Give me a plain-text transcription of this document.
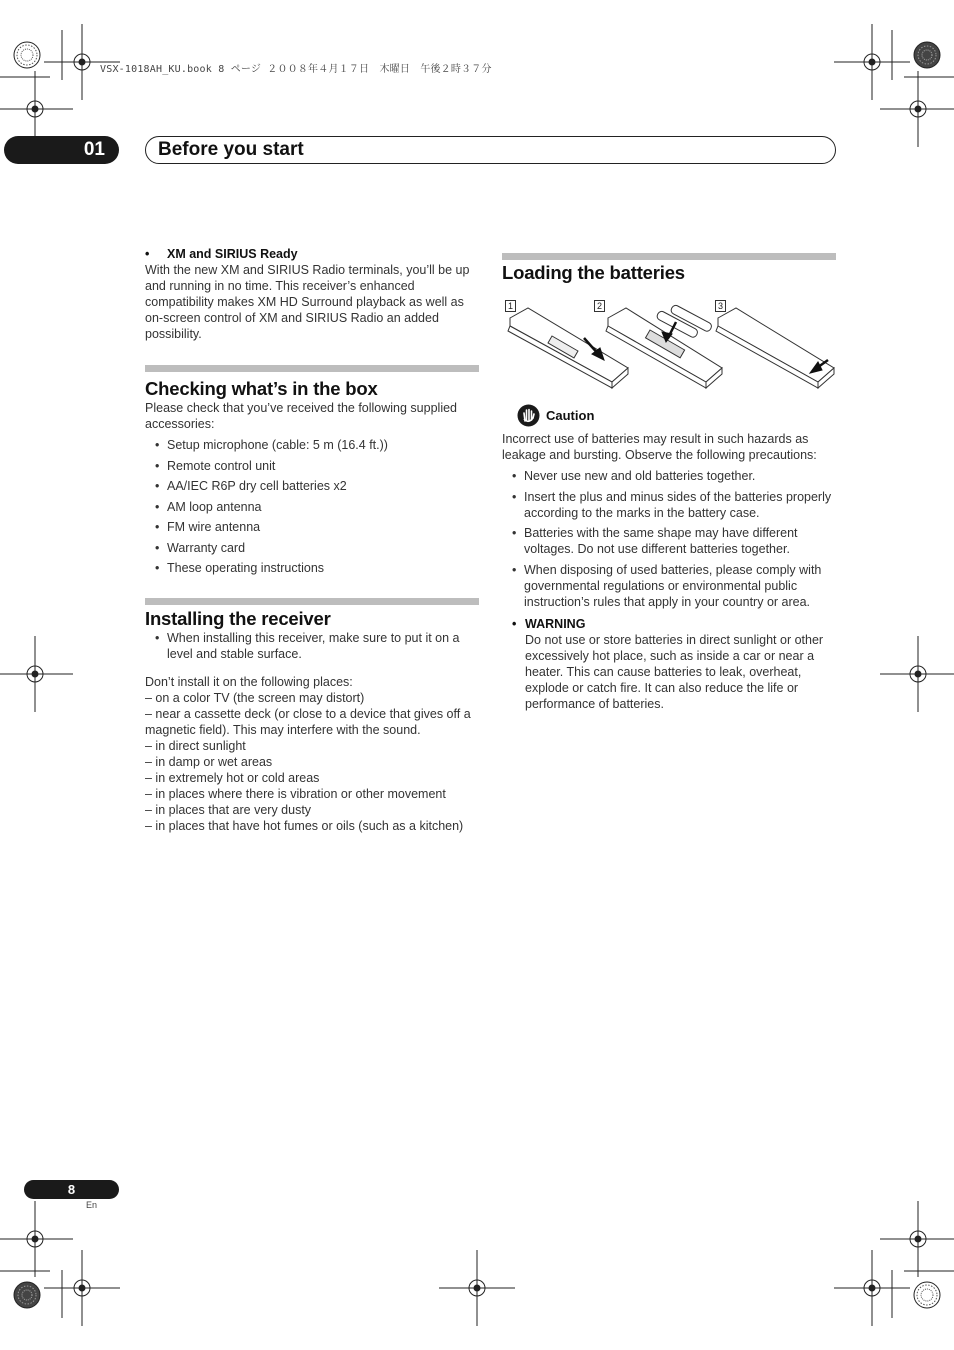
VSX-1018AH_KU.book 8 ページ ２００８年４月１７日　木曜日　午後２時３７分
01	Before you start
• XM and SIRIUS Ready

With the new XM and SIRIUS Radio terminals, you’ll be up and running in no time. This receiver’s enhanced compatibility makes XM HD Surround playback as well as on-screen control of XM and SIRIUS Radio an added possibility.

Checking what’s in the box

Please check that you’ve received the following supplied accessories:

• Setup microphone (cable: 5 m (16.4 ft.))
• Remote control unit
• AA/IEC R6P dry cell batteries x2
• AM loop antenna
• FM wire antenna
• Warranty card
• These operating instructions
Installing the receiver
• When installing this receiver, make sure to put it on a level and stable surface.

Don’t install it on the following places:

– on a color TV (the screen may distort)

– near a cassette deck (or close to a device that gives off a magnetic field). This may interfere with the sound.

– in direct sunlight

– in damp or wet areas

– in extremely hot or cold areas

– in places where there is vibration or other movement

– in places that are very dusty

– in places that have hot fumes or oils (such as a kitchen)

Loading the batteries
1	2	3
Caution

Incorrect use of batteries may result in such hazards as leakage and bursting. Observe the following precautions:

• Never use new and old batteries together.
• Insert the plus and minus sides of the batteries properly according to the marks in the battery case.
• Batteries with the same shape may have different voltages. Do not use different batteries together.
• When disposing of used batteries, please comply with governmental regulations or environmental public instruction’s rules that apply in your country or area.
• WARNING

Do not use or store batteries in direct sunlight or other excessively hot place, such as inside a car or near a heater. This can cause batteries to leak, overheat, explode or catch fire. It can also reduce the life or performance of batteries.

8
En
